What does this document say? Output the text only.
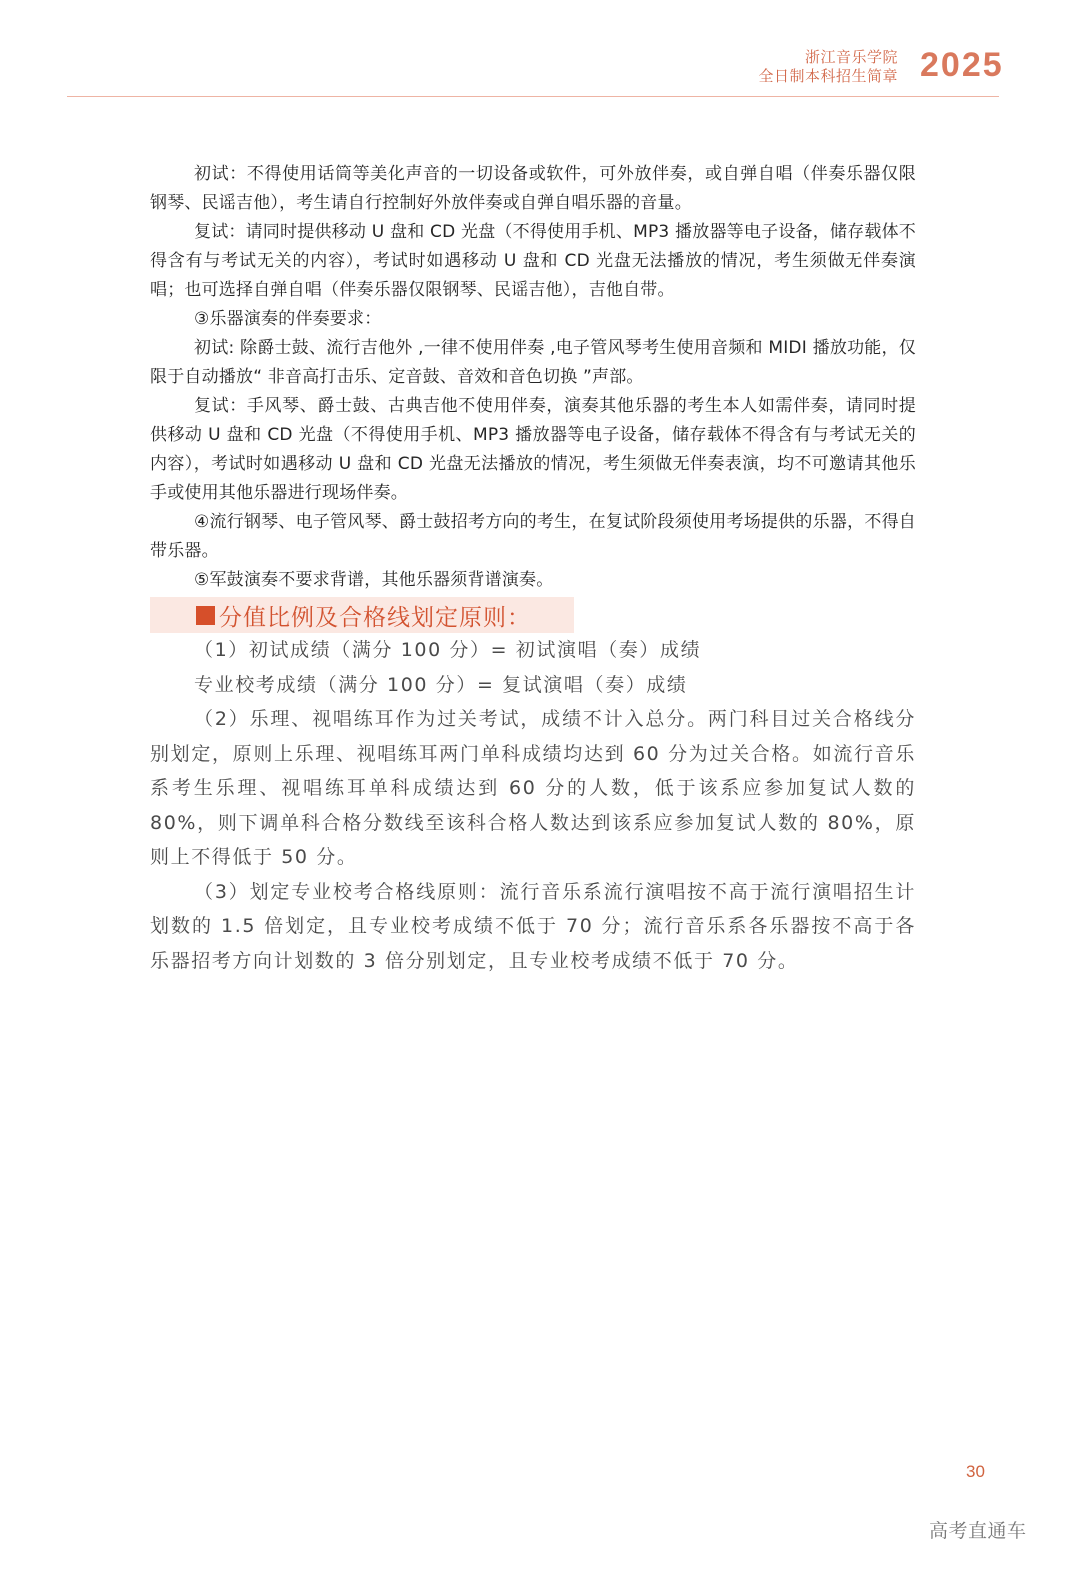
浙江音乐学院
全日制本科招生简章 2025

初试：不得使用话筒等美化声音的一切设备或软件，可外放伴奏，或自弹自唱（伴奏乐器仅限钢琴、民谣吉他），考生请自行控制好外放伴奏或自弹自唱乐器的音量。

复试：请同时提供移动 U 盘和 CD 光盘（不得使用手机、MP3 播放器等电子设备，储存载体不得含有与考试无关的内容），考试时如遇移动 U 盘和 CD 光盘无法播放的情况，考生须做无伴奏演唱；也可选择自弹自唱（伴奏乐器仅限钢琴、民谣吉他），吉他自带。

③乐器演奏的伴奏要求：

初试: 除爵士鼓、流行吉他外 ,一律不使用伴奏 ,电子管风琴考生使用音频和 MIDI 播放功能，仅限于自动播放“ 非音高打击乐、定音鼓、音效和音色切换 ”声部。

复试：手风琴、爵士鼓、古典吉他不使用伴奏，演奏其他乐器的考生本人如需伴奏，请同时提供移动 U 盘和 CD 光盘（不得使用手机、MP3 播放器等电子设备，储存载体不得含有与考试无关的内容），考试时如遇移动 U 盘和 CD 光盘无法播放的情况，考生须做无伴奏表演，均不可邀请其他乐手或使用其他乐器进行现场伴奏。

④流行钢琴、电子管风琴、爵士鼓招考方向的考生，在复试阶段须使用考场提供的乐器，不得自带乐器。

⑤军鼓演奏不要求背谱，其他乐器须背谱演奏。

分值比例及合格线划定原则：

（1）初试成绩（满分 100 分）= 初试演唱（奏）成绩

专业校考成绩（满分 100 分）= 复试演唱（奏）成绩

（2）乐理、视唱练耳作为过关考试，成绩不计入总分。两门科目过关合格线分别划定，原则上乐理、视唱练耳两门单科成绩均达到 60 分为过关合格。如流行音乐系考生乐理、视唱练耳单科成绩达到 60 分的人数，低于该系应参加复试人数的 80%，则下调单科合格分数线至该科合格人数达到该系应参加复试人数的 80%，原则上不得低于 50 分。

（3）划定专业校考合格线原则：流行音乐系流行演唱按不高于流行演唱招生计划数的 1.5 倍划定，且专业校考成绩不低于 70 分；流行音乐系各乐器按不高于各乐器招考方向计划数的 3 倍分别划定，且专业校考成绩不低于 70 分。

30
高考直通车
